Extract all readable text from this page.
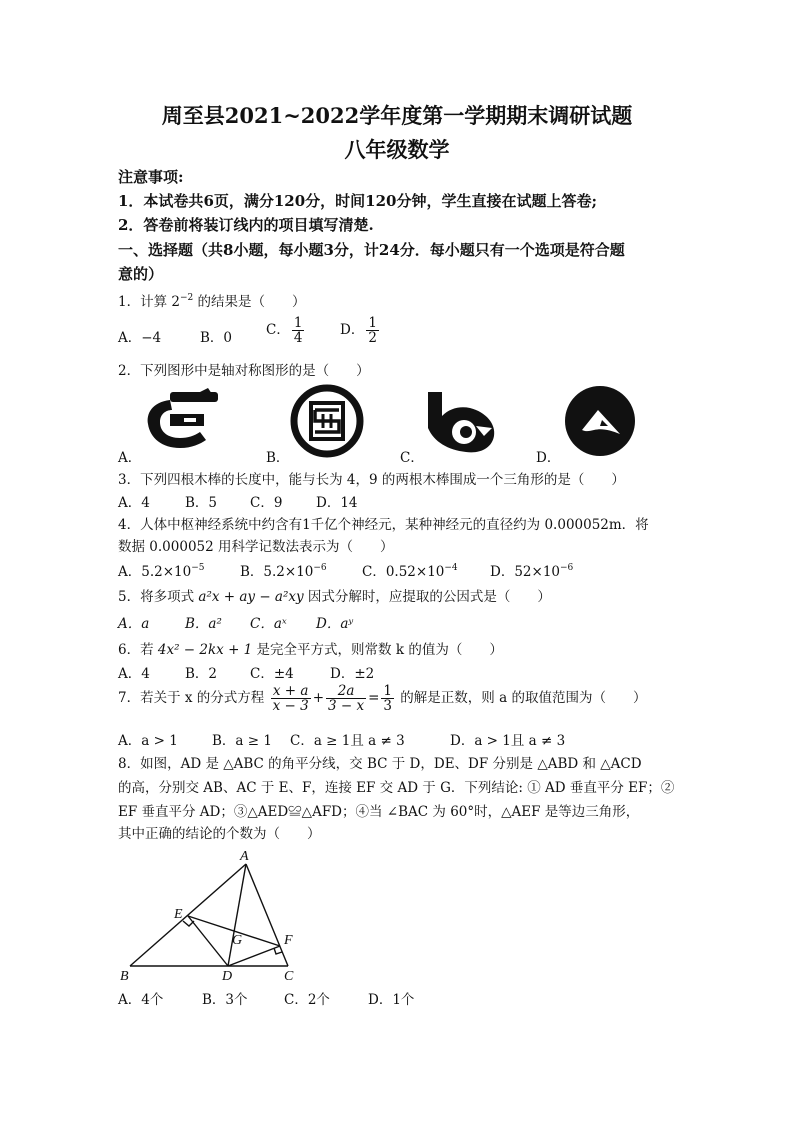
周至县2021~2022学年度第一学期期末调研试题
八年级数学
注意事项:
1．本试卷共6页，满分120分，时间120分钟，学生直接在试题上答卷;
2．答卷前将装订线内的项目填写清楚.
一、选择题（共8小题，每小题3分，计24分．每小题只有一个选项是符合题
意的）
1．计算 $2^{-2}$ 的结果是（　　）
A．−4	B．0	C． $\frac{1}{4}$	D． $\frac{1}{2}$
2．下列图形中是轴对称图形的是（　　）
A．	B．	C．	D．
3．下列四根木棒的长度中，能与长为 4，9 的两根木棒围成一个三角形的是（　　）
A．4	B．5 C．9 D．14
4．人体中枢神经系统中约含有1千亿个神经元，某种神经元的直径约为 0.000052m．将
数据 0.000052 用科学记数法表示为（　　）
A．$5.2\times 10^{-5}$	B．$5.2\times 10^{-6}$	C．$0.52\times 10^{-4}$ D．$52\times 10^{-6}$
5．将多项式 a²x + ay − a²xy 因式分解时，应提取的公因式是（　　）
A．a	B．a² C．aˣ D．aʸ
6．若 4x² − 2kx + 1 是完全平方式，则常数 k 的值为（　　）
A．4	B．2 C．±4	D．±2
7．若关于 x 的分式方程 $\frac{x + a}{x - 3} + \frac{2a}{3 - x} = \frac{1}{3}$ 的解是正数，则 a 的取值范围为（　　）
A．a > 1	B．a ≥ 1 C．a ≥ 1且 a ≠ 3	D．a > 1且 a ≠ 3
8．如图，AD 是 △ABC 的角平分线，交 BC 于 D，DE、DF 分别是 △ABD 和 △ACD
的高，分别交 AB、AC 于 E、F，连接 EF 交 AD 于 G．下列结论: ① AD 垂直平分 EF；②
EF 垂直平分 AD；③△AED≌△AFD；④当 ∠BAC 为 60°时，△AEF 是等边三角形，
其中正确的结论的个数为（　　）
A
B	C
D
E
F
G
A．4个	B．3个	C．2个	D．1个
